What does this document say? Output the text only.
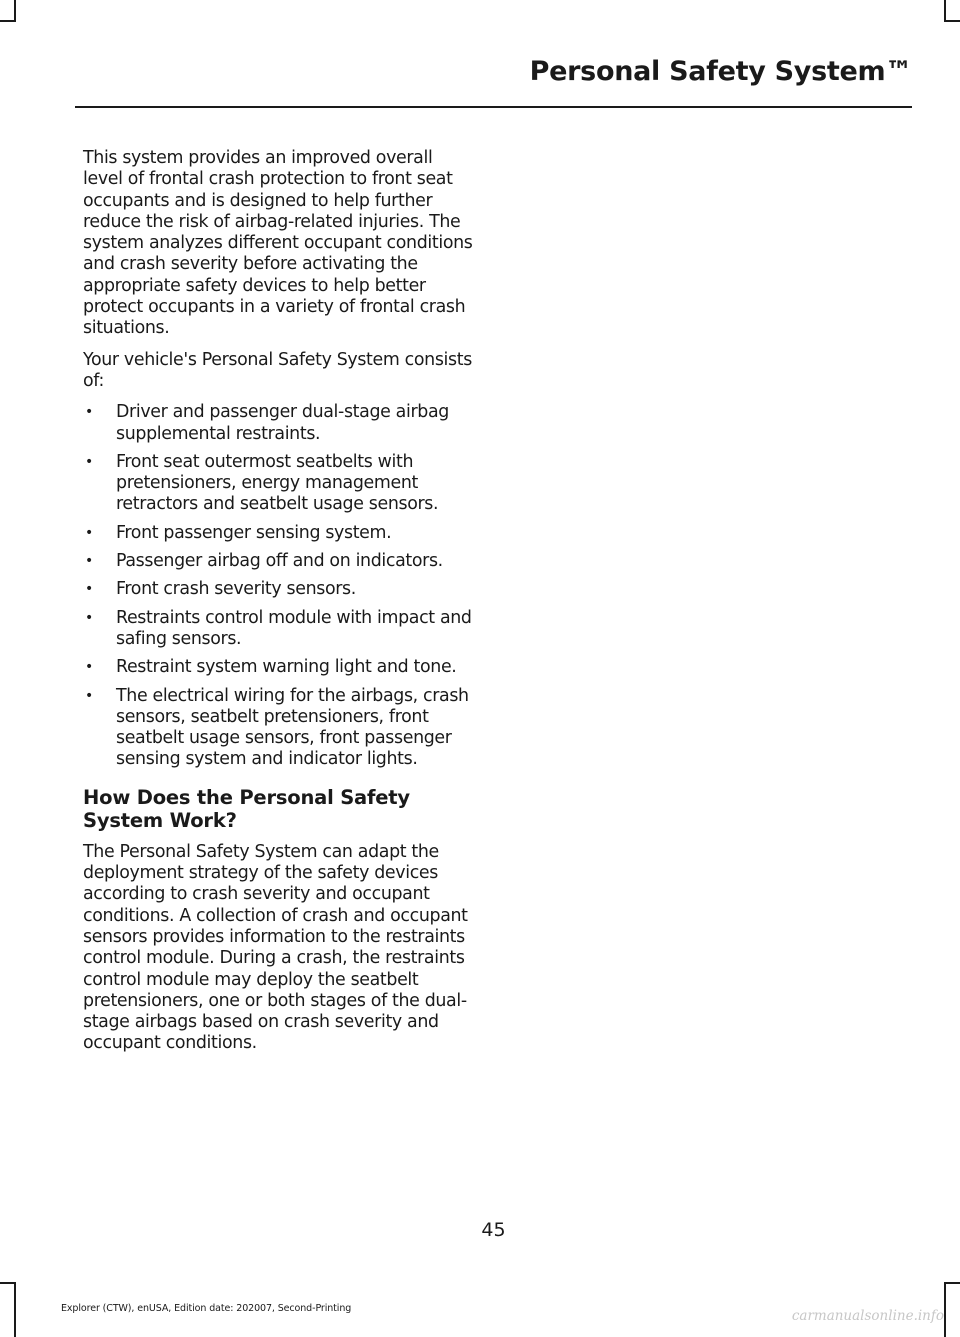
Personal Safety System™

This system provides an improved overall level of frontal crash protection to front seat occupants and is designed to help further reduce the risk of airbag-related injuries. The system analyzes different occupant conditions and crash severity before activating the appropriate safety devices to help better protect occupants in a variety of frontal crash situations.

Your vehicle's Personal Safety System consists of:

• Driver and passenger dual-stage airbag supplemental restraints.
• Front seat outermost seatbelts with pretensioners, energy management retractors and seatbelt usage sensors.
• Front passenger sensing system.
• Passenger airbag off and on indicators.
• Front crash severity sensors.
• Restraints control module with impact and safing sensors.
• Restraint system warning light and tone.
• The electrical wiring for the airbags, crash sensors, seatbelt pretensioners, front seatbelt usage sensors, front passenger sensing system and indicator lights.
How Does the Personal Safety System Work?

The Personal Safety System can adapt the deployment strategy of the safety devices according to crash severity and occupant conditions. A collection of crash and occupant sensors provides information to the restraints control module. During a crash, the restraints control module may deploy the seatbelt pretensioners, one or both stages of the dual-stage airbags based on crash severity and occupant conditions.

45
Explorer (CTW), enUSA, Edition date: 202007, Second-Printing	carmanualsonline.info
